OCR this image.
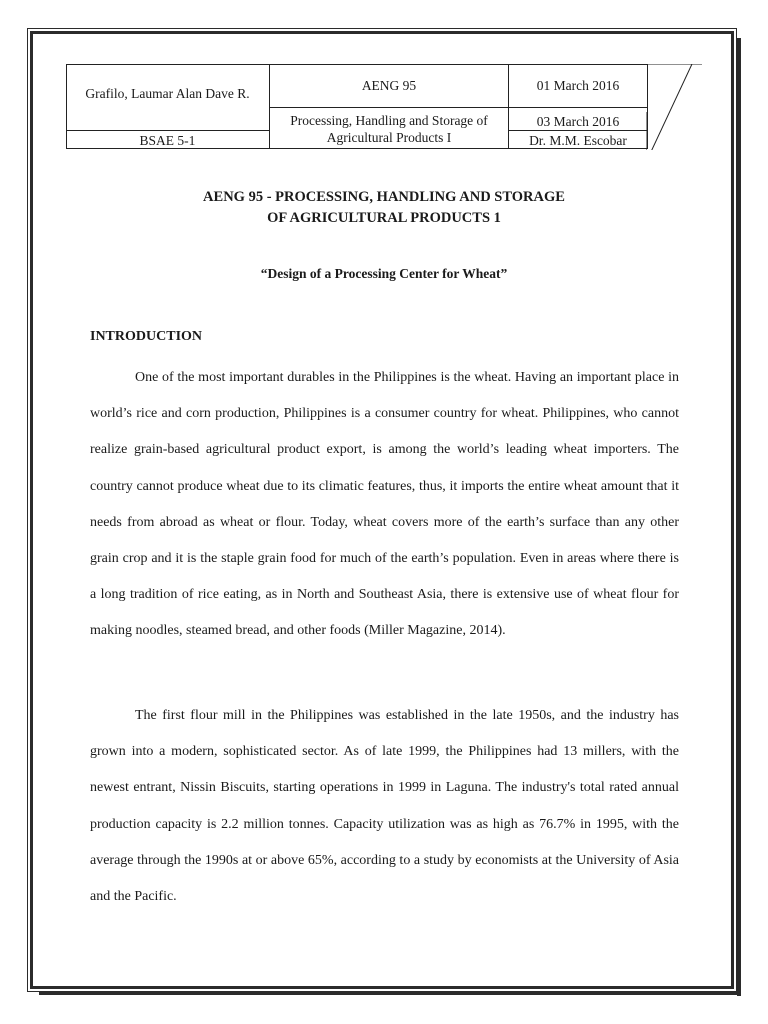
Grafilo, Laumar Alan Dave R.
BSAE 5-1
AENG 95
Processing, Handling and Storage of Agricultural Products I
01 March 2016
03 March 2016
Dr. M.M. Escobar
AENG 95 - PROCESSING, HANDLING AND STORAGE
OF AGRICULTURAL PRODUCTS 1
“Design of a Processing Center for Wheat”
INTRODUCTION

One of the most important durables in the Philippines is the wheat. Having an important place in world’s rice and corn production, Philippines is a consumer country for wheat. Philippines, who cannot realize grain-based agricultural product export, is among the world’s leading wheat importers. The country cannot produce wheat due to its climatic features, thus, it imports the entire wheat amount that it needs from abroad as wheat or flour. Today, wheat covers more of the earth’s surface than any other grain crop and it is the staple grain food for much of the earth’s population. Even in areas where there is a long tradition of rice eating, as in North and Southeast Asia, there is extensive use of wheat flour for making noodles, steamed bread, and other foods (Miller Magazine, 2014).

The first flour mill in the Philippines was established in the late 1950s, and the industry has grown into a modern, sophisticated sector. As of late 1999, the Philippines had 13 millers, with the newest entrant, Nissin Biscuits, starting operations in 1999 in Laguna. The industry's total rated annual production capacity is 2.2 million tonnes. Capacity utilization was as high as 76.7% in 1995, with the average through the 1990s at or above 65%, according to a study by economists at the University of Asia and the Pacific.
